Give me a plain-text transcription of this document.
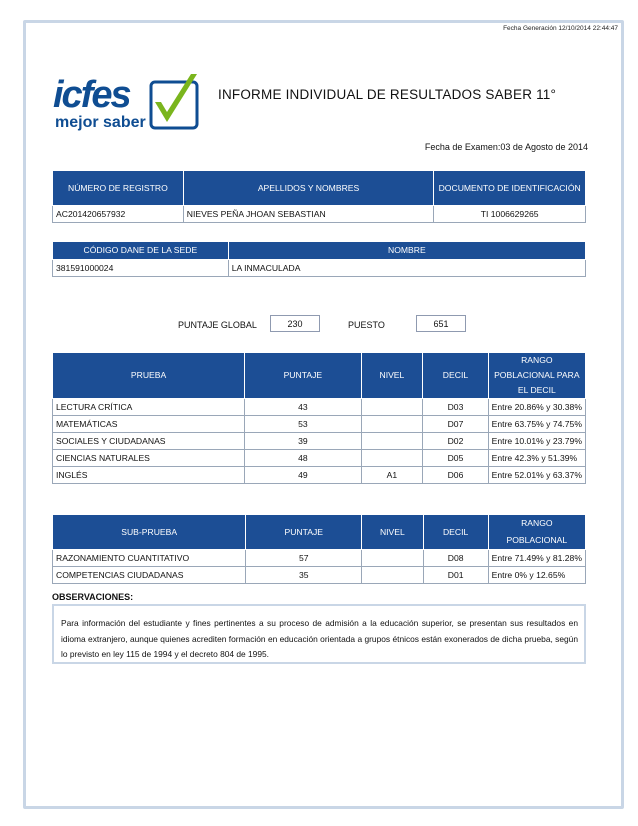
Fecha Generación 12/10/2014 22:44:47
icfes
mejor saber
INFORME INDIVIDUAL DE RESULTADOS SABER 11°
Fecha de Examen:03 de Agosto de 2014
NÚMERO DE REGISTRO	APELLIDOS Y NOMBRES	DOCUMENTO DE IDENTIFICACIÓN
AC201420657932	NIEVES PEÑA JHOAN SEBASTIAN	TI 1006629265
CÓDIGO DANE DE LA SEDE	NOMBRE
381591000024	LA INMACULADA
PUNTAJE GLOBAL	230	PUESTO	651
PRUEBA	PUNTAJE	NIVEL	DECIL	RANGO POBLACIONAL PARA EL DECIL
LECTURA CRÍTICA	43		D03	Entre 20.86% y 30.38%
MATEMÁTICAS	53		D07	Entre 63.75% y 74.75%
SOCIALES Y CIUDADANAS	39		D02	Entre 10.01% y 23.79%
CIENCIAS NATURALES	48		D05	Entre 42.3% y 51.39%
INGLÉS	49	A1	D06	Entre 52.01% y 63.37%
SUB-PRUEBA	PUNTAJE	NIVEL	DECIL	RANGO POBLACIONAL
RAZONAMIENTO CUANTITATIVO	57		D08	Entre 71.49% y 81.28%
COMPETENCIAS CIUDADANAS	35		D01	Entre 0% y 12.65%
OBSERVACIONES:
Para información del estudiante y fines pertinentes a su proceso de admisión a la educación superior, se presentan sus resultados en idioma extranjero, aunque quienes acrediten formación en educación orientada a grupos étnicos están exonerados de dicha prueba, según lo previsto en ley 115 de 1994 y el decreto 804 de 1995.
